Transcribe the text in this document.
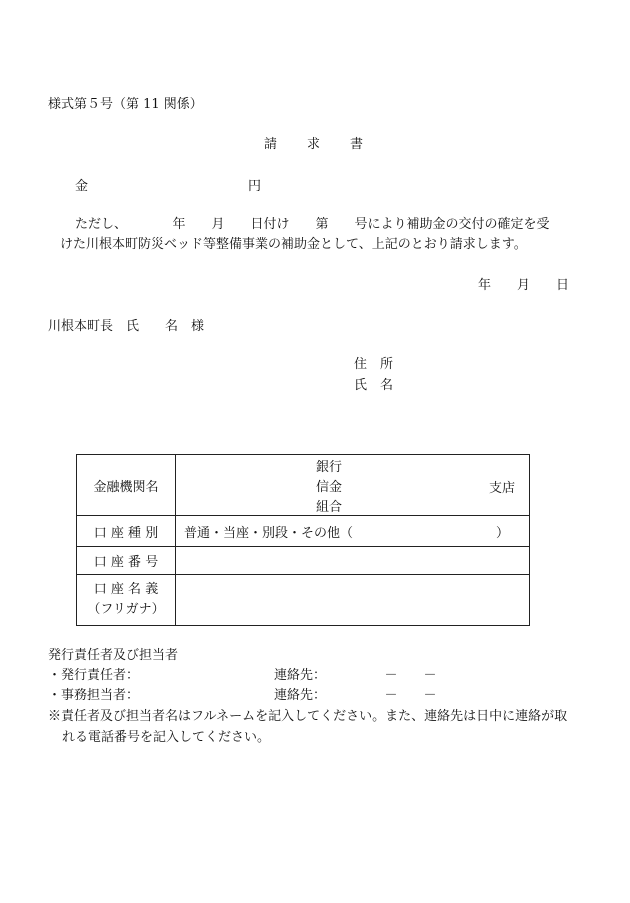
様式第５号（第 11 関係）
請 求 書
金	円
ただし、　　　　年　　月　　日付け　　第　　号により補助金の交付の確定を受
けた川根本町防災ベッド等整備事業の補助金として、上記のとおり請求します。
年　　月　　日
川根本町長　氏　　名　様
住　所
氏　名
金融機関名	銀行
信金
組合
支店

口 座 種 別	普通・当座・別段・その他（　　　　　　　　　　　）
口 座 番 号	

口 座 名 義
（フリガナ）	

発行責任者及び担当者
・発行責任者：	連絡先：　　　　　－　　－
・事務担当者：	連絡先：　　　　　－　　－
※責任者及び担当者名はフルネームを記入してください。また、連絡先は日中に連絡が取
れる電話番号を記入してください。
